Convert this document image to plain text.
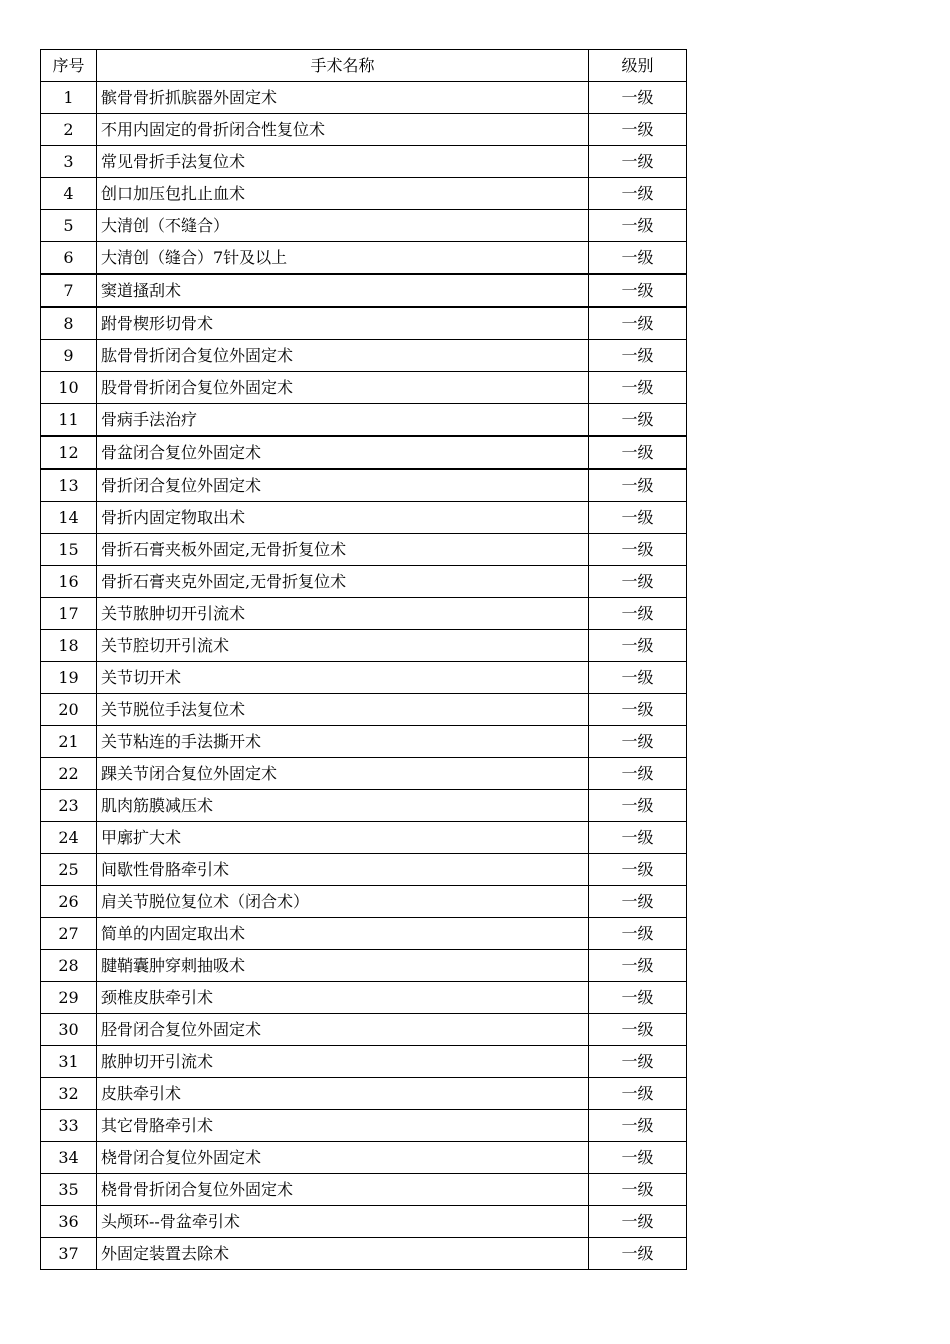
序号	手术名称	级别
1	髌骨骨折抓膑器外固定术	一级
2	不用内固定的骨折闭合性复位术	一级
3	常见骨折手法复位术	一级
4	创口加压包扎止血术	一级
5	大清创（不缝合）	一级
6	大清创（缝合）7针及以上	一级
7	窦道搔刮术	一级
8	跗骨楔形切骨术	一级
9	肱骨骨折闭合复位外固定术	一级
10	股骨骨折闭合复位外固定术	一级
11	骨病手法治疗	一级
12	骨盆闭合复位外固定术	一级
13	骨折闭合复位外固定术	一级
14	骨折内固定物取出术	一级
15	骨折石膏夹板外固定,无骨折复位术	一级
16	骨折石膏夹克外固定,无骨折复位术	一级
17	关节脓肿切开引流术	一级
18	关节腔切开引流术	一级
19	关节切开术	一级
20	关节脱位手法复位术	一级
21	关节粘连的手法撕开术	一级
22	踝关节闭合复位外固定术	一级
23	肌肉筋膜减压术	一级
24	甲廓扩大术	一级
25	间歇性骨胳牵引术	一级
26	肩关节脱位复位术（闭合术）	一级
27	简单的内固定取出术	一级
28	腱鞘囊肿穿刺抽吸术	一级
29	颈椎皮肤牵引术	一级
30	胫骨闭合复位外固定术	一级
31	脓肿切开引流术	一级
32	皮肤牵引术	一级
33	其它骨胳牵引术	一级
34	桡骨闭合复位外固定术	一级
35	桡骨骨折闭合复位外固定术	一级
36	头颅环--骨盆牵引术	一级
37	外固定装置去除术	一级
